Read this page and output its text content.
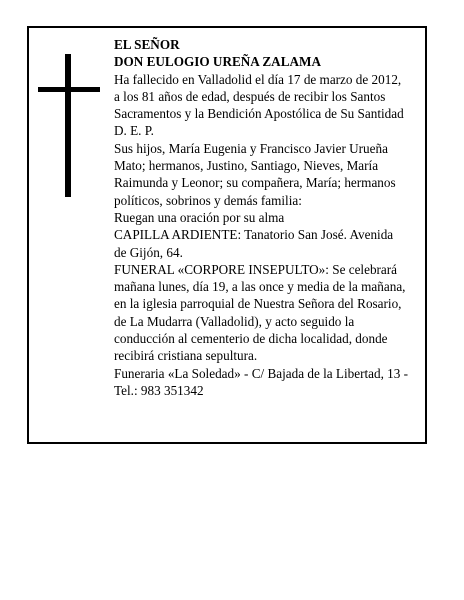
EL SEÑOR
DON EULOGIO UREÑA ZALAMA
Ha fallecido en Valladolid el día 17 de marzo de 2012,
a los 81 años de edad, después de recibir los Santos
Sacramentos y la Bendición Apostólica de Su Santidad
D. E. P.
Sus hijos, María Eugenia y Francisco Javier Urueña
Mato; hermanos, Justino, Santiago, Nieves, María
Raimunda y Leonor; su compañera, María; hermanos
políticos, sobrinos y demás familia:
Ruegan una oración por su alma
CAPILLA ARDIENTE: Tanatorio San José. Avenida
de Gijón, 64.
FUNERAL «CORPORE INSEPULTO»: Se celebrará
mañana lunes, día 19, a las once y media de la mañana,
en la iglesia parroquial de Nuestra Señora del Rosario,
de La Mudarra (Valladolid), y acto seguido la
conducción al cementerio de dicha localidad, donde
recibirá cristiana sepultura.
Funeraria «La Soledad» - C/ Bajada de la Libertad, 13 -
Tel.: 983 351342
